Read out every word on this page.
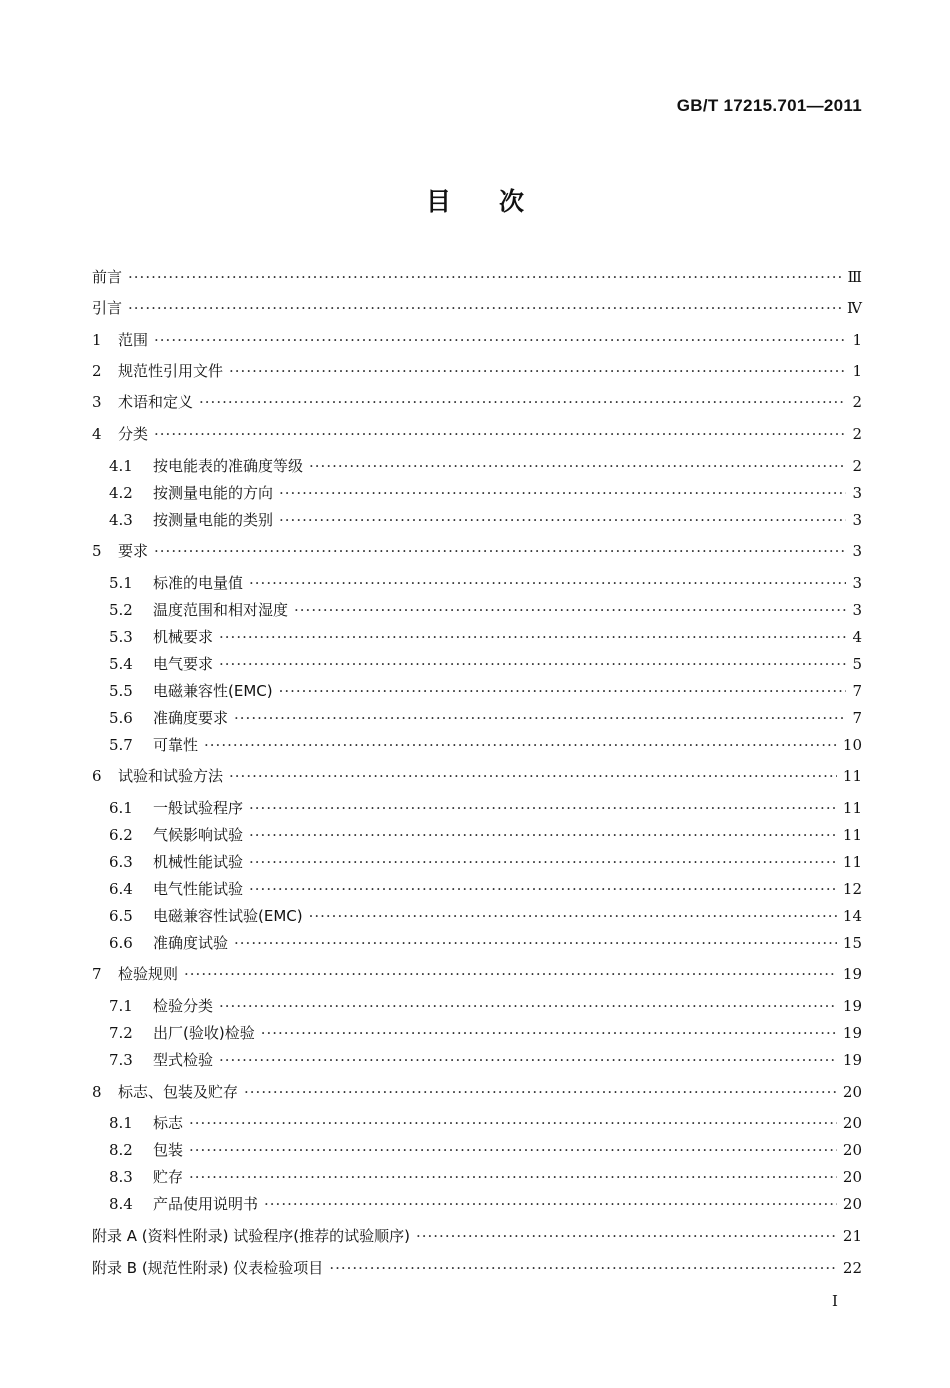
GB/T 17215.701—2011
目 次
前言 ·····	Ⅲ
引言 ·····	Ⅳ
1	范围 ·····	1
2	规范性引用文件 ·····	1
3	术语和定义 ·····	2
4	分类 ·····	2
4.1	按电能表的准确度等级 ·····	2
4.2	按测量电能的方向 ·····	3
4.3	按测量电能的类别 ·····	3
5	要求 ·····	3
5.1	标准的电量值 ·····	3
5.2	温度范围和相对湿度 ·····	3
5.3	机械要求 ·····	4
5.4	电气要求 ·····	5
5.5	电磁兼容性(EMC) ·····	7
5.6	准确度要求 ·····	7
5.7	可靠性 ·····	10
6	试验和试验方法 ·····	11
6.1	一般试验程序 ·····	11
6.2	气候影响试验 ·····	11
6.3	机械性能试验 ·····	11
6.4	电气性能试验 ·····	12
6.5	电磁兼容性试验(EMC) ·····	14
6.6	准确度试验 ·····	15
7	检验规则 ·····	19
7.1	检验分类 ·····	19
7.2	出厂(验收)检验 ·····	19
7.3	型式检验 ·····	19
8	标志、包装及贮存 ·····	20
8.1	标志 ·····	20
8.2	包装 ·····	20
8.3	贮存 ·····	20
8.4	产品使用说明书 ·····	20
附录 A (资料性附录) 试验程序(推荐的试验顺序) ·····	21
附录 B (规范性附录) 仪表检验项目 ·····	22
I
